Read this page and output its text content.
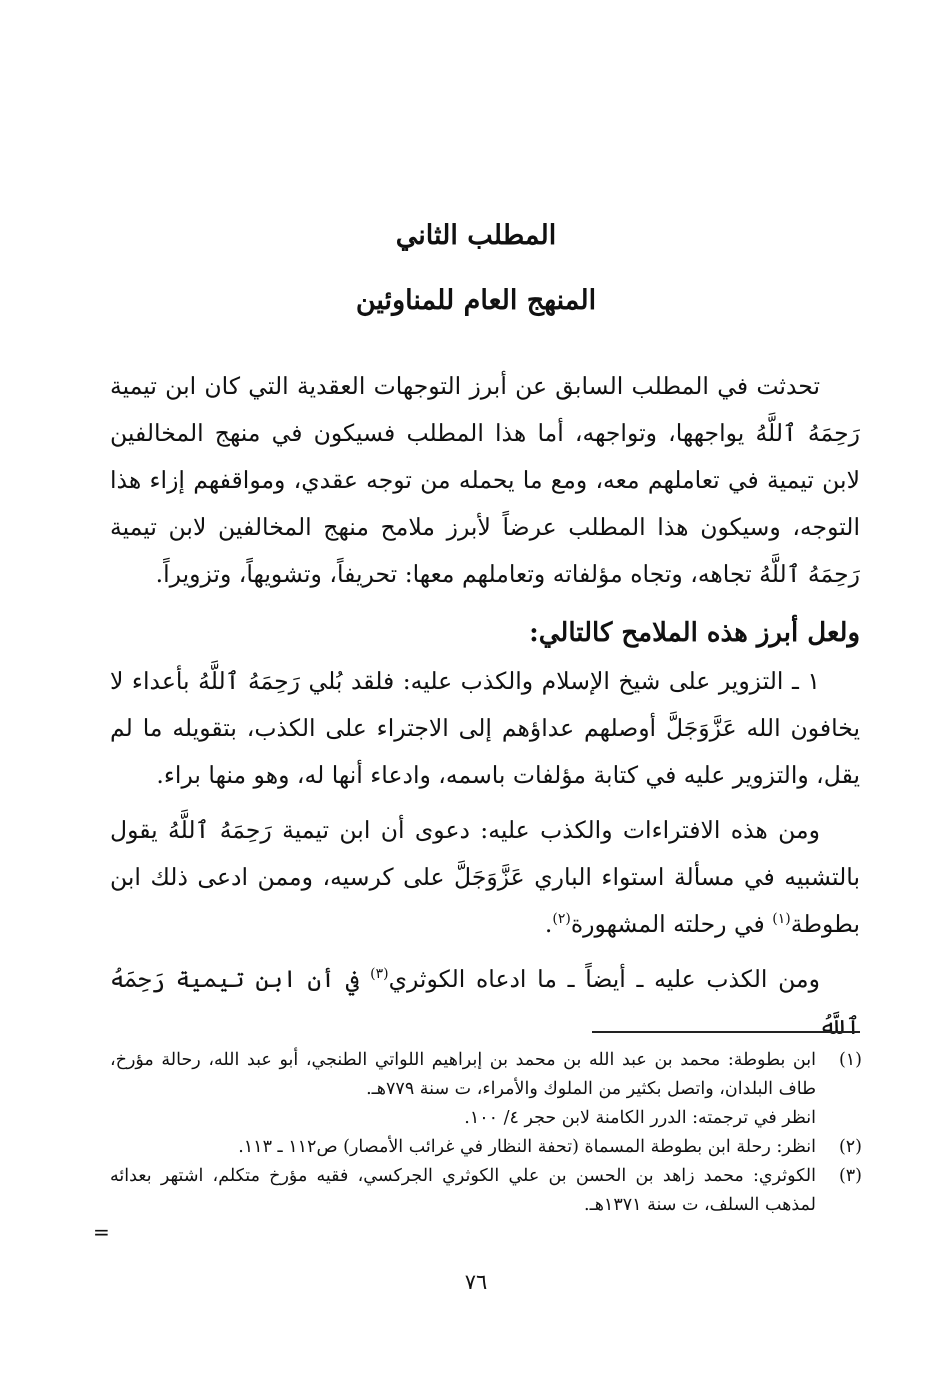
المطلب الثاني
المنهج العام للمناوئين

تحدثت في المطلب السابق عن أبرز التوجهات العقدية التي كان ابن تيمية رَحِمَهُ ٱللَّهُ يواجهها، وتواجهه، أما هذا المطلب فسيكون في منهج المخالفين لابن تيمية في تعاملهم معه، ومع ما يحمله من توجه عقدي، ومواقفهم إزاء هذا التوجه، وسيكون هذا المطلب عرضاً لأبرز ملامح منهج المخالفين لابن تيمية رَحِمَهُ ٱللَّهُ تجاهه، وتجاه مؤلفاته وتعاملهم معها: تحريفاً، وتشويهاً، وتزويراً.

ولعل أبرز هذه الملامح كالتالي:

١ ـ التزوير على شيخ الإسلام والكذب عليه: فلقد بُلي رَحِمَهُ ٱللَّهُ بأعداء لا يخافون الله عَزَّوَجَلَّ أوصلهم عداؤهم إلى الاجتراء على الكذب، بتقويله ما لم يقل، والتزوير عليه في كتابة مؤلفات باسمه، وادعاء أنها له، وهو منها براء.

ومن هذه الافتراءات والكذب عليه: دعوى أن ابن تيمية رَحِمَهُ ٱللَّهُ يقول بالتشبيه في مسألة استواء الباري عَزَّوَجَلَّ على كرسيه، وممن ادعى ذلك ابن بطوطة$^{(١)}$ في رحلته المشهورة$^{(٢)}$.

ومن الكذب عليه ـ أيضاً ـ ما ادعاه الكوثري$^{(٣)}$ في أن ابن تيمية رَحِمَهُ ٱللَّهُ

(١)
ابن بطوطة: محمد بن عبد الله بن محمد بن إبراهيم اللواتي الطنجي، أبو عبد الله، رحالة مؤرخ، طاف البلدان، واتصل بكثير من الملوك والأمراء، ت سنة ٧٧٩هـ.
انظر في ترجمته: الدرر الكامنة لابن حجر ٤/ ١٠٠.
(٢)
انظر: رحلة ابن بطوطة المسماة (تحفة النظار في غرائب الأمصار) ص١١٢ ـ ١١٣.
(٣)
الكوثري: محمد زاهد بن الحسن بن علي الكوثري الجركسي، فقيه مؤرخ متكلم، اشتهر بعدائه لمذهب السلف، ت سنة ١٣٧١هـ.
=
٧٦
